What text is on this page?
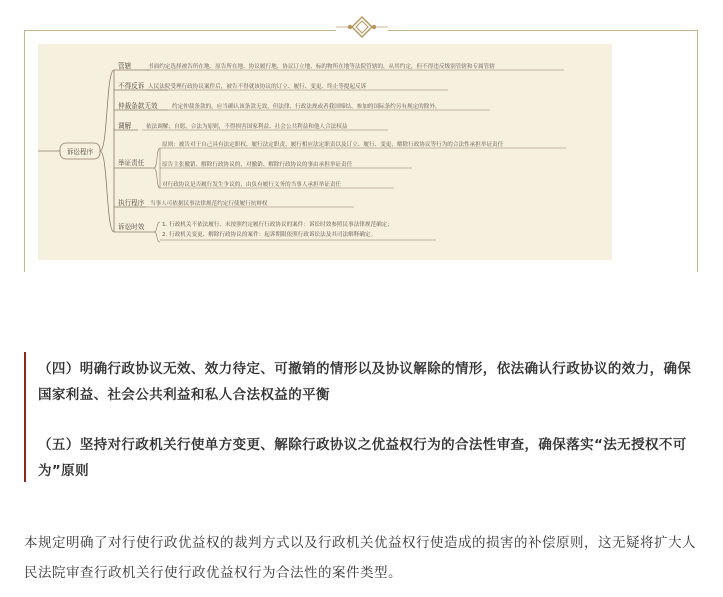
诉讼程序
管辖	书面约定选择被告所在地、原告所在地、协议履行地、协议订立地、标的物所在地等法院管辖的，从其约定，但不得违反级别管辖和专属管辖
不得反诉 人民法院受理行政协议案件后，被告不得就该协议的订立、履行、变更、终止等提起反诉
仲裁条款无效	约定仲裁条款的，应当确认该条款无效，但法律、行政法规或者我国缔结、参加的国际条约另有规定的除外。
调解	依法调解；自愿、合法为原则，不得损害国家利益、社会公共利益和他人合法权益
举证责任
原则：被告对于自己具有法定职权、履行法定职责、履行相应法定职责以及订立、履行、变更、解除行政协议等行为的合法性承担举证责任
原告主张撤销、解除行政协议的，对撤销、解除行政协议的事由承担举证责任
对行政协议是否履行发生争议的，由负有履行义务的当事人承担举证责任
执行程序 当事人可依据民事法律规范约定行使履行抗辩权
诉讼时效	1. 行政机关不依法履行、未按照约定履行行政协议的案件：诉讼时效参照民事法律规范确定；
2. 行政机关变更、解除行政协议的案件：起诉期限依照行政诉讼法及其司法解释确定。

（四）明确行政协议无效、效力待定、可撤销的情形以及协议解除的情形，依法确认行政协议的效力，确保国家利益、社会公共利益和私人合法权益的平衡

（五）坚持对行政机关行使单方变更、解除行政协议之优益权行为的合法性审查，确保落实“法无授权不可为”原则

本规定明确了对行使行政优益权的裁判方式以及行政机关优益权行使造成的损害的补偿原则，这无疑将扩大人民法院审查行政机关行使行政优益权行为合法性的案件类型。
